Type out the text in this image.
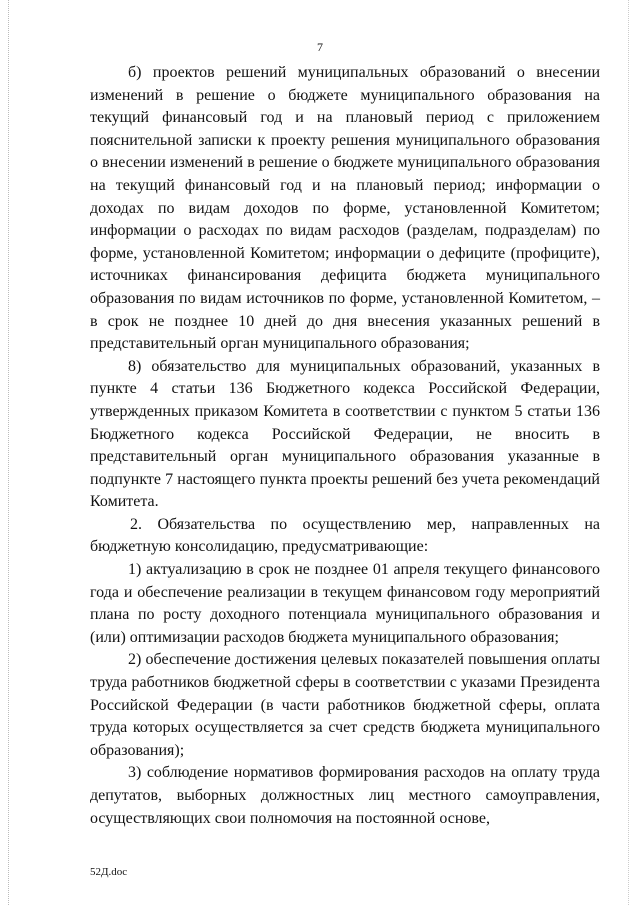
7

б) проектов решений муниципальных образований о внесении изменений в решение о бюджете муниципального образования на текущий финансовый год и на плановый период с приложением пояснительной записки к проекту решения муниципального образования о внесении изменений в решение о бюджете муниципального образования на текущий финансовый год и на плановый период; информации о доходах по видам доходов по форме, установленной Комитетом; информации о расходах по видам расходов (разделам, подразделам) по форме, установленной Комитетом; информации о дефиците (профиците), источниках финансирования дефицита бюджета муниципального образования по видам источников по форме, установленной Комитетом, – в срок не позднее 10 дней до дня внесения указанных решений в представительный орган муниципального образования;

8) обязательство для муниципальных образований, указанных в пункте 4 статьи 136 Бюджетного кодекса Российской Федерации, утвержденных приказом Комитета в соответствии с пунктом 5 статьи 136 Бюджетного кодекса Российской Федерации, не вносить в представительный орган муниципального образования указанные в подпункте 7 настоящего пункта проекты решений без учета рекомендаций Комитета.

2. Обязательства по осуществлению мер, направленных на бюджетную консолидацию, предусматривающие:

1) актуализацию в срок не позднее 01 апреля текущего финансового года и обеспечение реализации в текущем финансовом году мероприятий плана по росту доходного потенциала муниципального образования и (или) оптимизации расходов бюджета муниципального образования;

2) обеспечение достижения целевых показателей повышения оплаты труда работников бюджетной сферы в соответствии с указами Президента Российской Федерации (в части работников бюджетной сферы, оплата труда которых осуществляется за счет средств бюджета муниципального образования);

3) соблюдение нормативов формирования расходов на оплату труда депутатов, выборных должностных лиц местного самоуправления, осуществляющих свои полномочия на постоянной основе,

52Д.doc
